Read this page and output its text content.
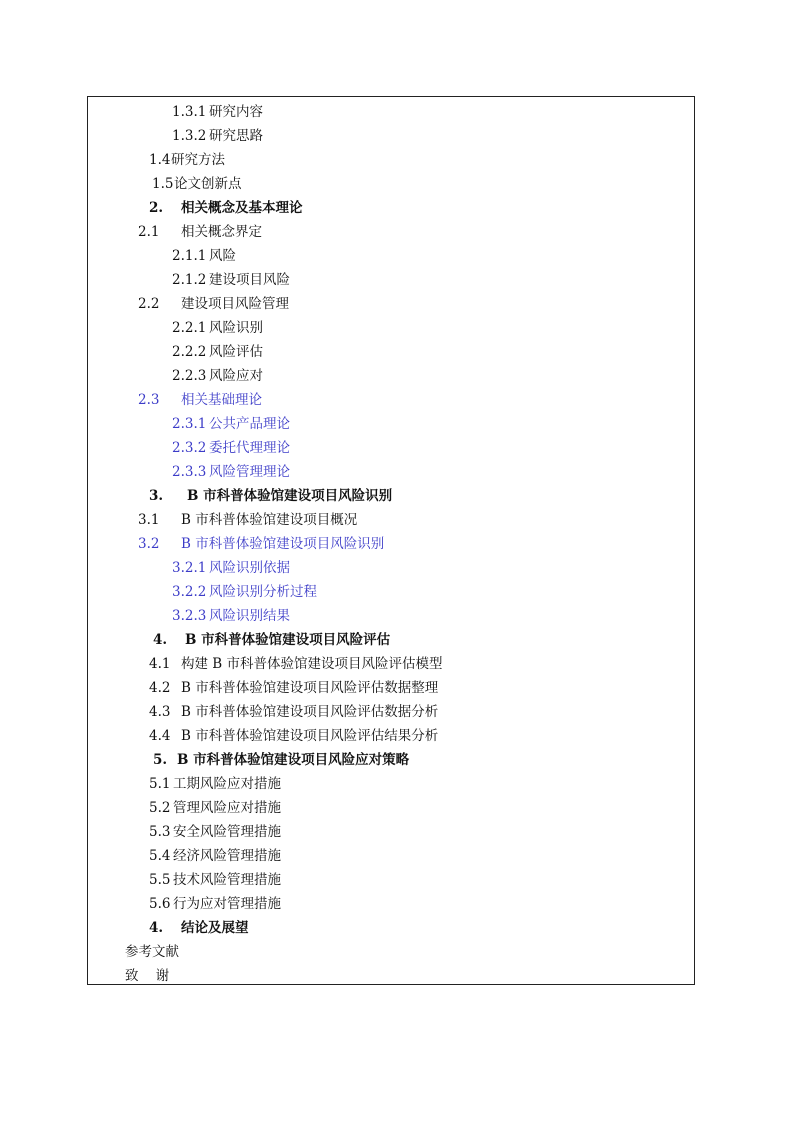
1.3.1 研究内容
1.3.2 研究思路
1.4 研究方法
1.5 论文创新点
2. 相关概念及基本理论
2.1 相关概念界定
2.1.1 风险
2.1.2 建设项目风险
2.2 建设项目风险管理
2.2.1 风险识别
2.2.2 风险评估
2.2.3 风险应对
2.3 相关基础理论
2.3.1 公共产品理论
2.3.2 委托代理理论
2.3.3 风险管理理论
3. B 市科普体验馆建设项目风险识别
3.1 B 市科普体验馆建设项目概况
3.2 B 市科普体验馆建设项目风险识别
3.2.1 风险识别依据
3.2.2 风险识别分析过程
3.2.3 风险识别结果
4. B 市科普体验馆建设项目风险评估
4.1 构建 B 市科普体验馆建设项目风险评估模型
4.2 B 市科普体验馆建设项目风险评估数据整理
4.3 B 市科普体验馆建设项目风险评估数据分析
4.4 B 市科普体验馆建设项目风险评估结果分析
5. B 市科普体验馆建设项目风险应对策略
5.1 工期风险应对措施
5.2 管理风险应对措施
5.3 安全风险管理措施
5.4 经济风险管理措施
5.5 技术风险管理措施
5.6 行为应对管理措施
4. 结论及展望
参考文献
致    谢
